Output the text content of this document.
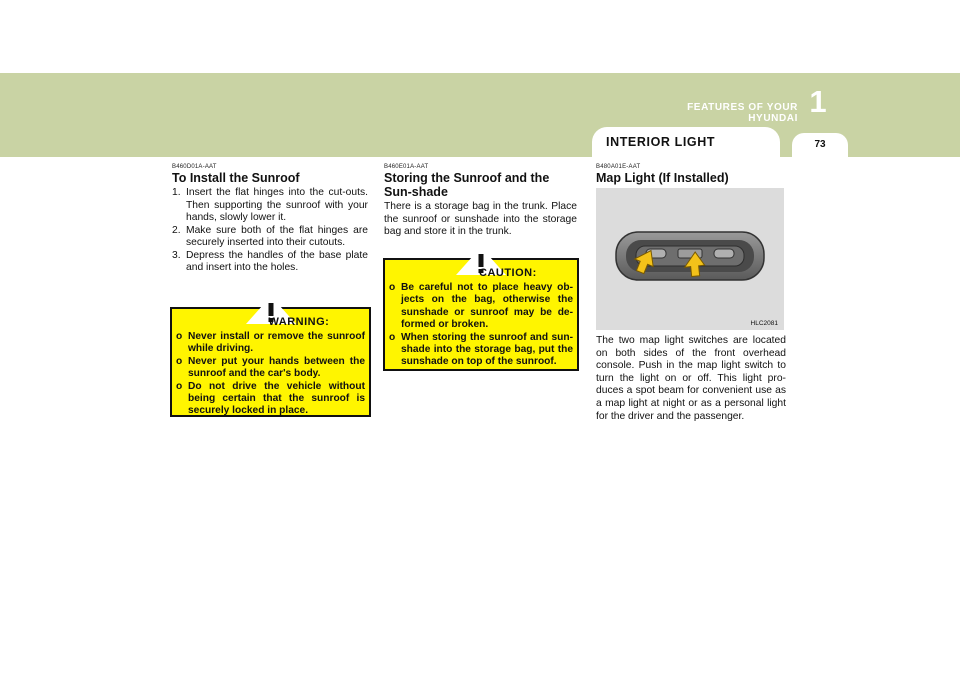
FEATURES OF YOUR HYUNDAI 1
INTERIOR LIGHT	73
B460D01A-AAT
To Install the Sunroof
1. Insert the flat hinges into the cut-outs. Then supporting the sunroof with your hands, slowly lower it.
2. Make sure both of the flat hinges are securely inserted into their cutouts.
3. Depress the handles of the base plate and insert into the holes.
WARNING:
o Never install or remove the sunroof while driving.
o Never put your hands between the sunroof and the car's body.
o Do not drive the vehicle without being certain that the sunroof is securely locked in place.
B460E01A-AAT
Storing the Sunroof and the Sun-shade

There is a storage bag in the trunk. Place the sunroof or sunshade into the storage bag and store it in the trunk.

CAUTION:
o Be careful not to place heavy ob-jects on the bag, otherwise the sunshade or sunroof may be de-formed or broken.
o When storing the sunroof and sun-shade into the storage bag, put the sunshade on top of the sunroof.
B480A01E-AAT
Map Light (If Installed)
HLC2081

The two map light switches are located on both sides of the front overhead console. Push in the map light switch to turn the light on or off. This light pro-duces a spot beam for convenient use as a map light at night or as a personal light for the driver and the passenger.
